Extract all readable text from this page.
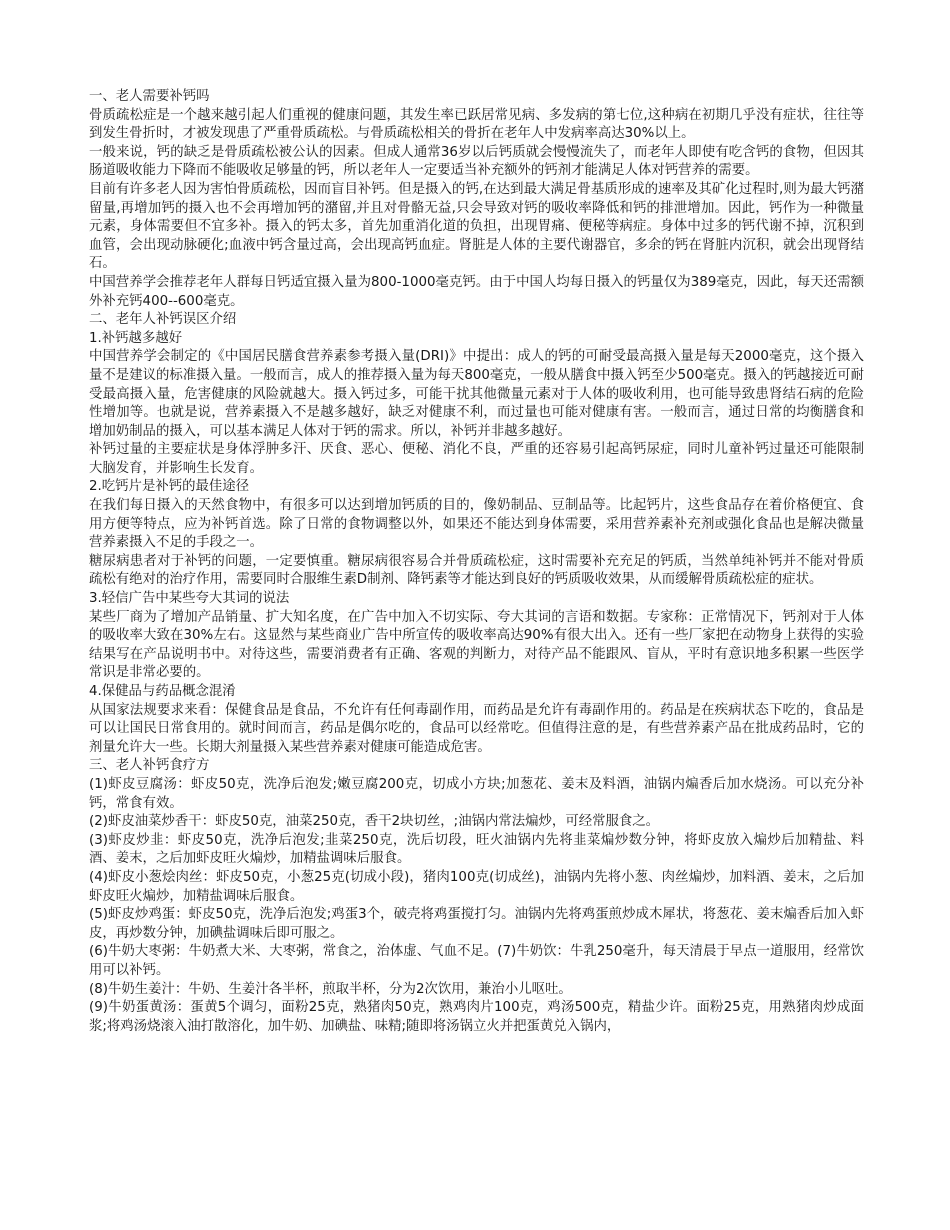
一、老人需要补钙吗

骨质疏松症是一个越来越引起人们重视的健康问题，其发生率已跃居常见病、多发病的第七位,这种病在初期几乎没有症状，往往等到发生骨折时，才被发现患了严重骨质疏松。与骨质疏松相关的骨折在老年人中发病率高达30%以上。

一般来说，钙的缺乏是骨质疏松被公认的因素。但成人通常36岁以后钙质就会慢慢流失了，而老年人即使有吃含钙的食物，但因其肠道吸收能力下降而不能吸收足够量的钙，所以老年人一定要适当补充额外的钙剂才能满足人体对钙营养的需要。

目前有许多老人因为害怕骨质疏松，因而盲目补钙。但是摄入的钙,在达到最大满足骨基质形成的速率及其矿化过程时,则为最大钙潴留量,再增加钙的摄入也不会再增加钙的潴留,并且对骨骼无益,只会导致对钙的吸收率降低和钙的排泄增加。因此，钙作为一种微量元素，身体需要但不宜多补。摄入的钙太多，首先加重消化道的负担，出现胃痛、便秘等病症。身体中过多的钙代谢不掉，沉积到血管，会出现动脉硬化;血液中钙含量过高，会出现高钙血症。肾脏是人体的主要代谢器官，多余的钙在肾脏内沉积，就会出现肾结石。

中国营养学会推荐老年人群每日钙适宜摄入量为800-1000毫克钙。由于中国人均每日摄入的钙量仅为389毫克，因此，每天还需额外补充钙400--600毫克。

二、老年人补钙误区介绍

1.补钙越多越好

中国营养学会制定的《中国居民膳食营养素参考摄入量(DRI)》中提出：成人的钙的可耐受最高摄入量是每天2000毫克，这个摄入量不是建议的标准摄入量。一般而言，成人的推荐摄入量为每天800毫克，一般从膳食中摄入钙至少500毫克。摄入的钙越接近可耐受最高摄入量，危害健康的风险就越大。摄入钙过多，可能干扰其他微量元素对于人体的吸收利用，也可能导致患肾结石病的危险性增加等。也就是说，营养素摄入不是越多越好，缺乏对健康不利，而过量也可能对健康有害。一般而言，通过日常的均衡膳食和增加奶制品的摄入，可以基本满足人体对于钙的需求。所以，补钙并非越多越好。

补钙过量的主要症状是身体浮肿多汗、厌食、恶心、便秘、消化不良，严重的还容易引起高钙尿症，同时儿童补钙过量还可能限制大脑发育，并影响生长发育。

2.吃钙片是补钙的最佳途径

在我们每日摄入的天然食物中，有很多可以达到增加钙质的目的，像奶制品、豆制品等。比起钙片，这些食品存在着价格便宜、食用方便等特点，应为补钙首选。除了日常的食物调整以外，如果还不能达到身体需要，采用营养素补充剂或强化食品也是解决微量营养素摄入不足的手段之一。

糖尿病患者对于补钙的问题，一定要慎重。糖尿病很容易合并骨质疏松症，这时需要补充充足的钙质，当然单纯补钙并不能对骨质疏松有绝对的治疗作用，需要同时合服维生素D制剂、降钙素等才能达到良好的钙质吸收效果，从而缓解骨质疏松症的症状。

3.轻信广告中某些夸大其词的说法

某些厂商为了增加产品销量、扩大知名度，在广告中加入不切实际、夸大其词的言语和数据。专家称：正常情况下，钙剂对于人体的吸收率大致在30%左右。这显然与某些商业广告中所宣传的吸收率高达90%有很大出入。还有一些厂家把在动物身上获得的实验结果写在产品说明书中。对待这些，需要消费者有正确、客观的判断力，对待产品不能跟风、盲从，平时有意识地多积累一些医学常识是非常必要的。

4.保健品与药品概念混淆

从国家法规要求来看：保健食品是食品，不允许有任何毒副作用，而药品是允许有毒副作用的。药品是在疾病状态下吃的，食品是可以让国民日常食用的。就时间而言，药品是偶尔吃的，食品可以经常吃。但值得注意的是，有些营养素产品在批成药品时，它的剂量允许大一些。长期大剂量摄入某些营养素对健康可能造成危害。

三、老人补钙食疗方

(1)虾皮豆腐汤：虾皮50克，洗净后泡发;嫩豆腐200克，切成小方块;加葱花、姜末及料酒，油锅内煸香后加水烧汤。可以充分补钙，常食有效。

(2)虾皮油菜炒香干：虾皮50克，油菜250克，香干2块切丝，;油锅内常法煸炒，可经常服食之。

(3)虾皮炒韭：虾皮50克，洗净后泡发;韭菜250克，洗后切段，旺火油锅内先将韭菜煸炒数分钟，将虾皮放入煸炒后加精盐、料酒、姜末，之后加虾皮旺火煸炒，加精盐调味后服食。

(4)虾皮小葱烩肉丝：虾皮50克，小葱25克(切成小段)，猪肉100克(切成丝)，油锅内先将小葱、肉丝煸炒，加料酒、姜末，之后加虾皮旺火煸炒，加精盐调味后服食。

(5)虾皮炒鸡蛋：虾皮50克，洗净后泡发;鸡蛋3个，破壳将鸡蛋搅打匀。油锅内先将鸡蛋煎炒成木犀状，将葱花、姜末煸香后加入虾皮，再炒数分钟，加碘盐调味后即可服之。

(6)牛奶大枣粥：牛奶煮大米、大枣粥，常食之，治体虚、气血不足。(7)牛奶饮：牛乳250毫升，每天清晨于早点一道服用，经常饮用可以补钙。

(8)牛奶生姜汁：牛奶、生姜汁各半杯，煎取半杯，分为2次饮用，兼治小儿呕吐。

(9)牛奶蛋黄汤：蛋黄5个调匀，面粉25克，熟猪肉50克，熟鸡肉片100克，鸡汤500克，精盐少许。面粉25克，用熟猪肉炒成面浆;将鸡汤烧滚入油打散溶化，加牛奶、加碘盐、味精;随即将汤锅立火并把蛋黄兑入锅内，
